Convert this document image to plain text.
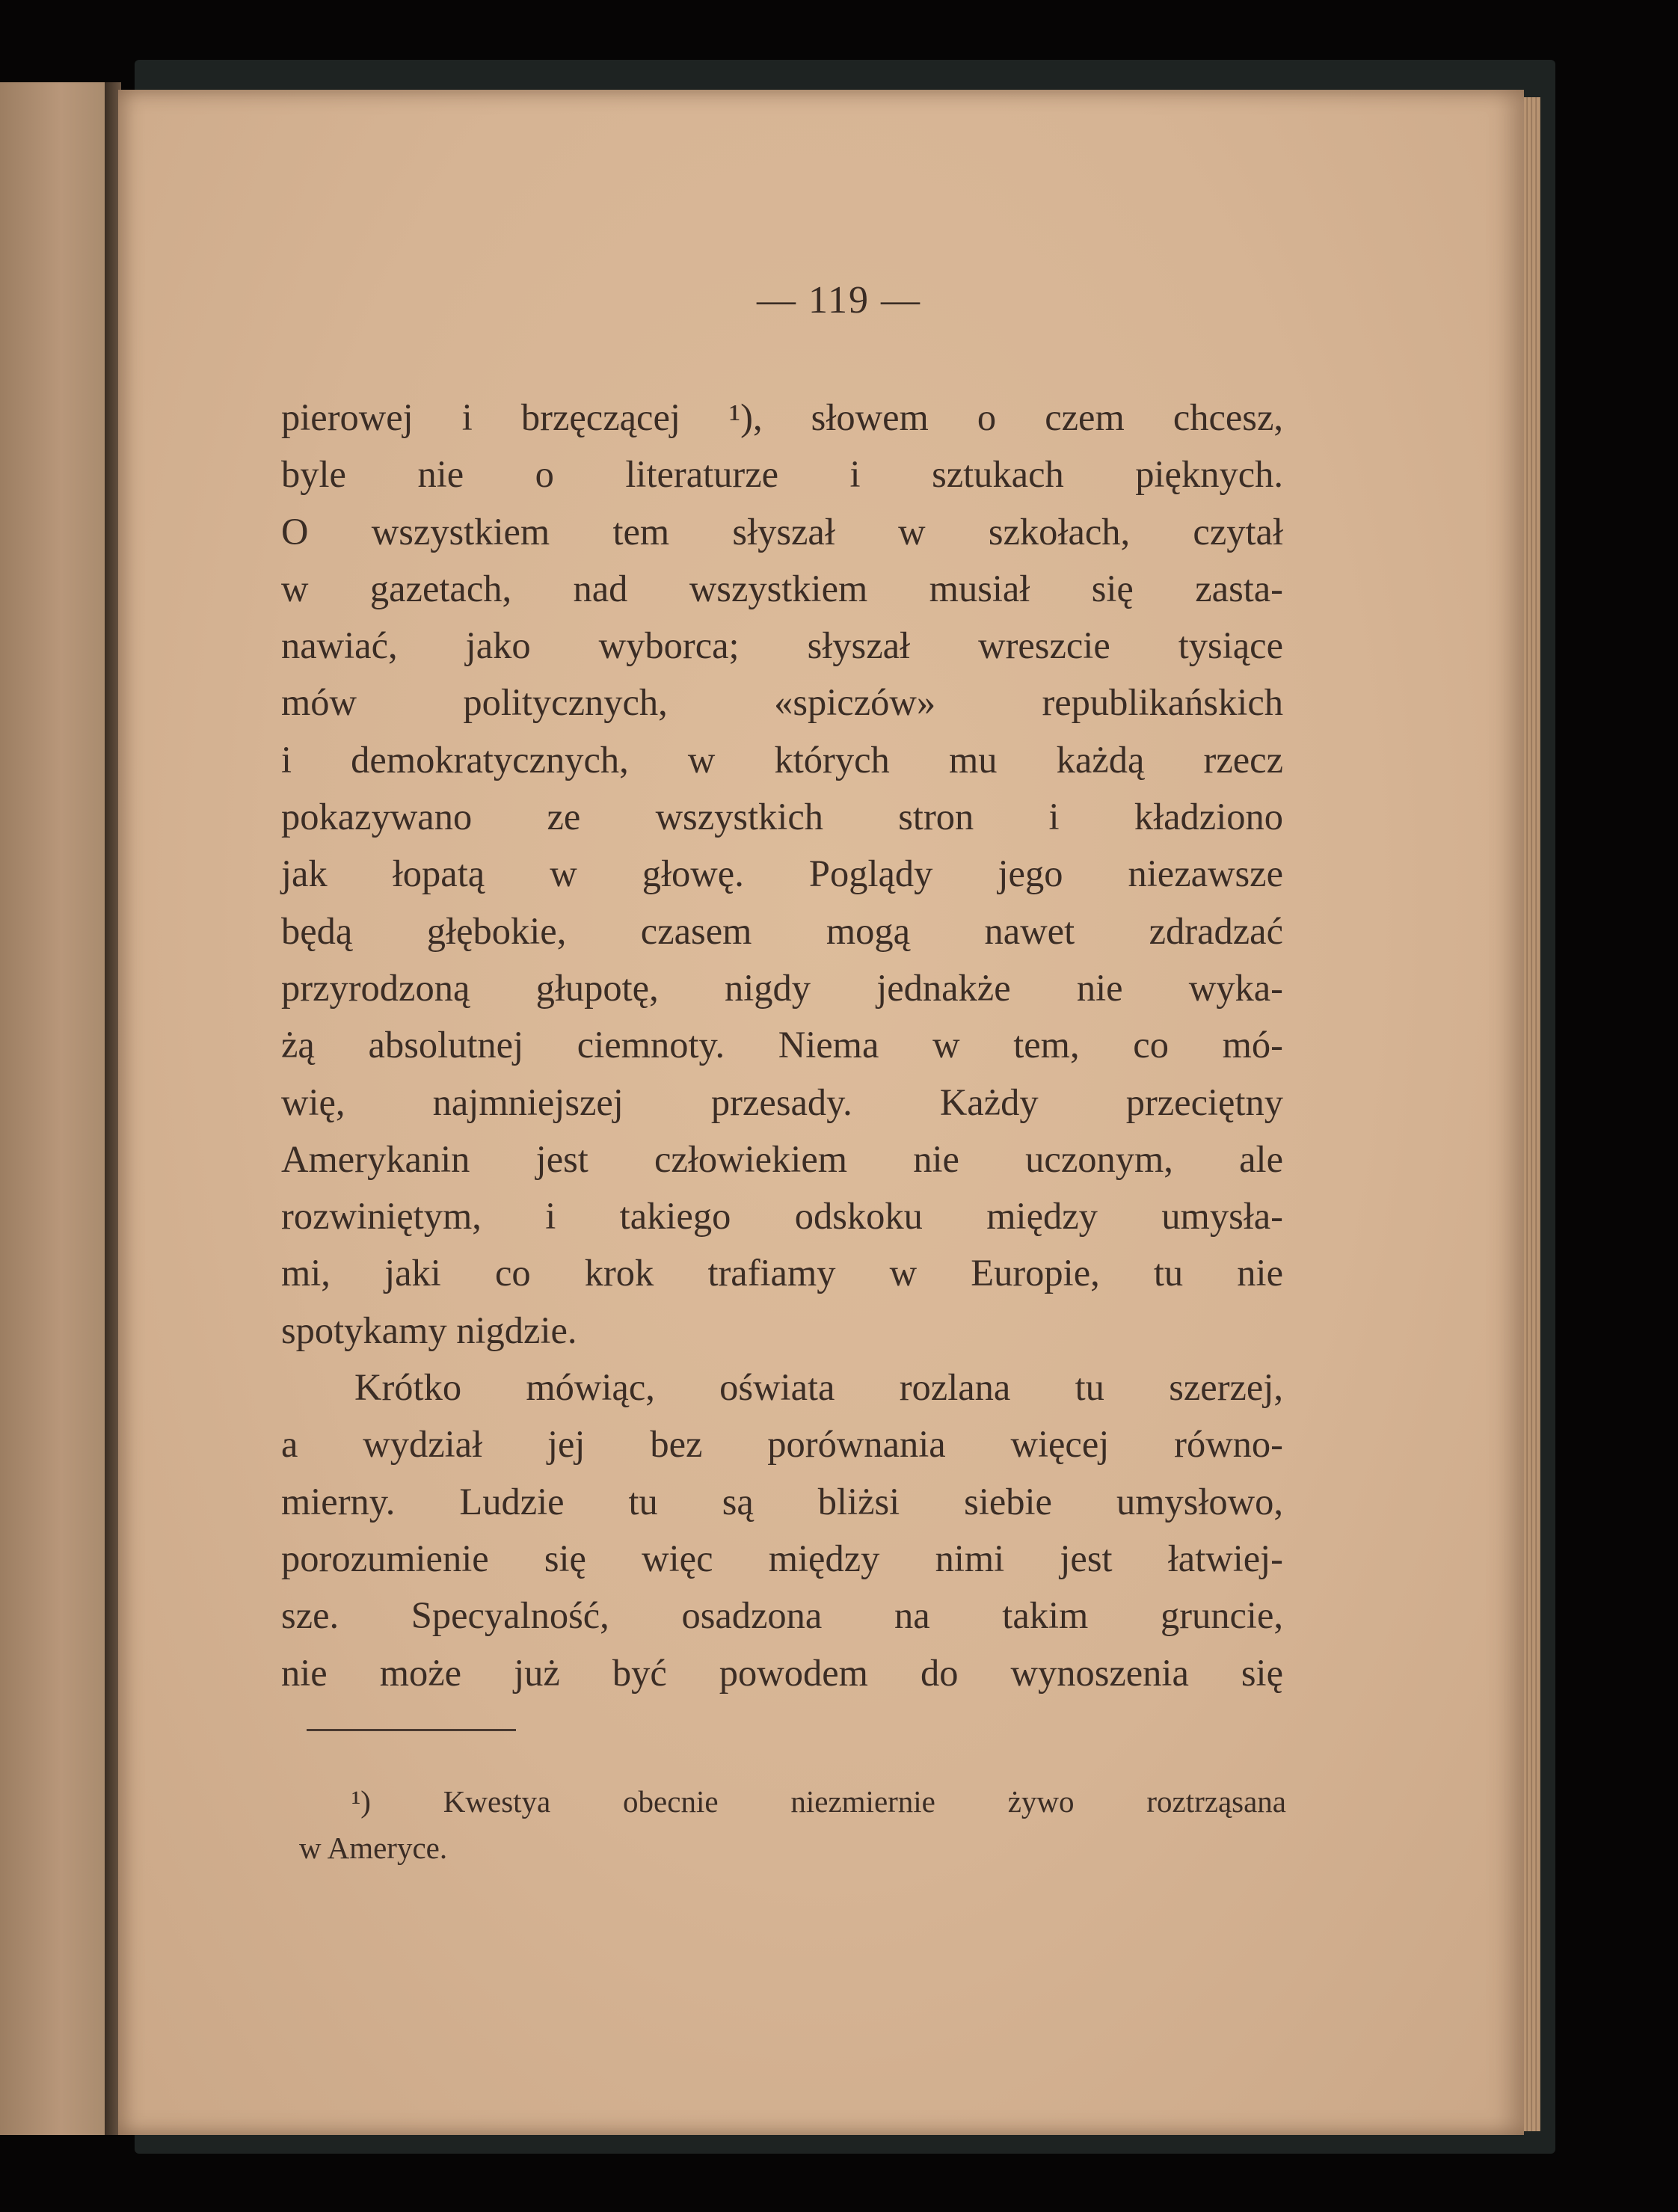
— 119 —
pierowej i brzęczącej ¹), słowem o czem chcesz,
byle nie o literaturze i sztukach pięknych.
O wszystkiem tem słyszał w szkołach, czytał
w gazetach, nad wszystkiem musiał się zasta-
nawiać, jako wyborca; słyszał wreszcie tysiące
mów politycznych, «spiczów» republikańskich
i demokratycznych, w których mu każdą rzecz
pokazywano ze wszystkich stron i kładziono
jak łopatą w głowę. Poglądy jego niezawsze
będą głębokie, czasem mogą nawet zdradzać
przyrodzoną głupotę, nigdy jednakże nie wyka-
żą absolutnej ciemnoty. Niema w tem, co mó-
wię, najmniejszej przesady. Każdy przeciętny
Amerykanin jest człowiekiem nie uczonym, ale
rozwiniętym, i takiego odskoku między umysła-
mi, jaki co krok trafiamy w Europie, tu nie
spotykamy nigdzie.
Krótko mówiąc, oświata rozlana tu szerzej,
a wydział jej bez porównania więcej równo-
mierny. Ludzie tu są bliżsi siebie umysłowo,
porozumienie się więc między nimi jest łatwiej-
sze. Specyalność, osadzona na takim gruncie,
nie może już być powodem do wynoszenia się
¹) Kwestya obecnie niezmiernie żywo roztrząsana
w Ameryce.
